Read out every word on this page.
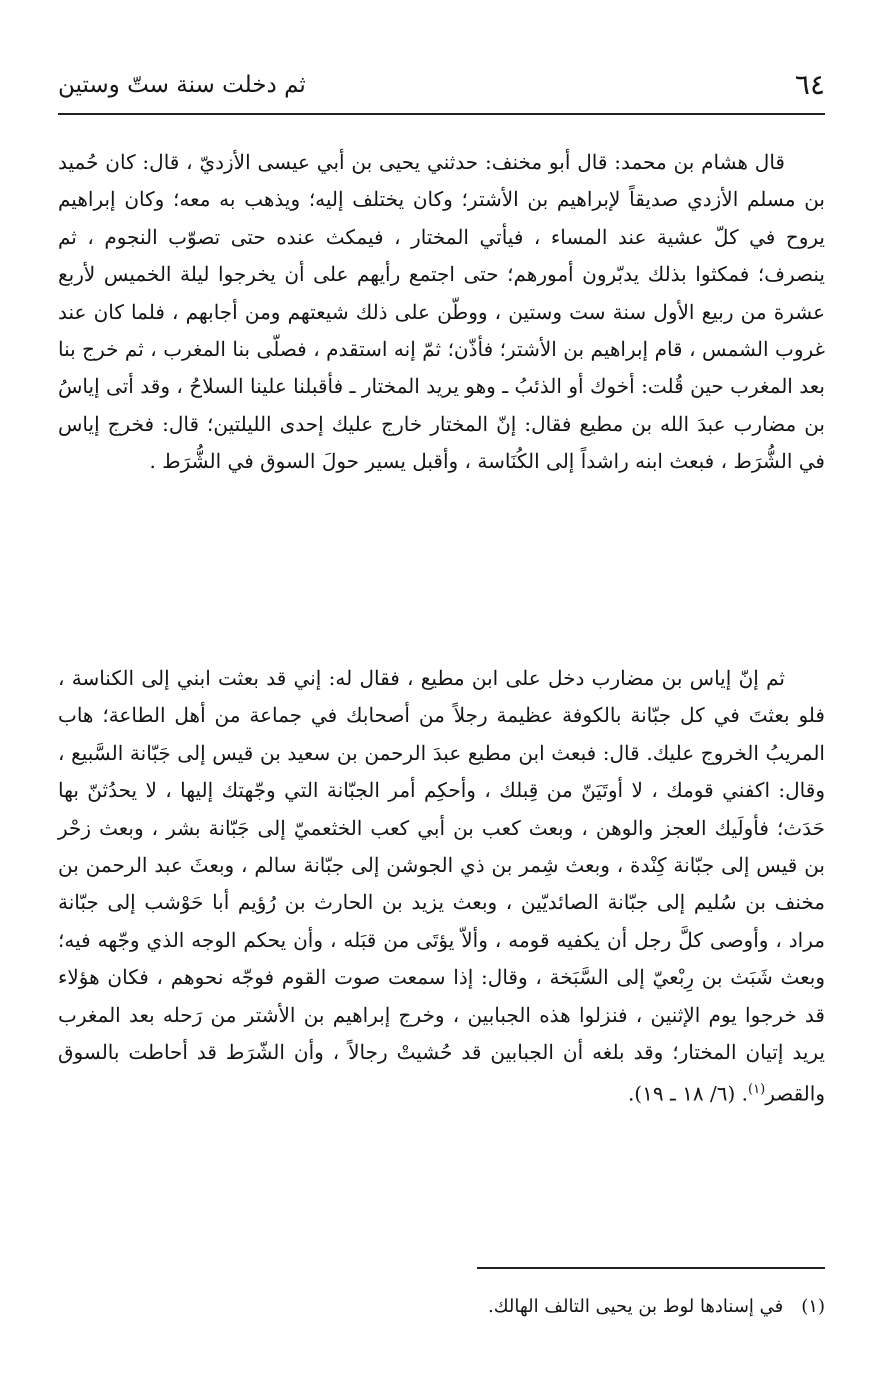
٦٤
ثم دخلت سنة ستّ وستين

قال هشام بن محمد: قال أبو مخنف: حدثني يحيى بن أبي عيسى الأزديّ ، قال: كان حُميد بن مسلم الأزدي صديقاً لإبراهيم بن الأشتر؛ وكان يختلف إليه؛ ويذهب به معه؛ وكان إبراهيم يروح في كلّ عشية عند المساء ، فيأتي المختار ، فيمكث عنده حتى تصوّب النجوم ، ثم ينصرف؛ فمكثوا بذلك يدبّرون أمورهم؛ حتى اجتمع رأيهم على أن يخرجوا ليلة الخميس لأربع عشرة من ربيع الأول سنة ست وستين ، ووطّن على ذلك شيعتهم ومن أجابهم ، فلما كان عند غروب الشمس ، قام إبراهيم بن الأشتر؛ فأذّن؛ ثمّ إنه استقدم ، فصلّى بنا المغرب ، ثم خرج بنا بعد المغرب حين قُلت: أخوك أو الذئبُ ـ وهو يريد المختار ـ فأقبلنا علينا السلاحُ ، وقد أتى إياسُ بن مضارب عبدَ الله بن مطيع فقال: إنّ المختار خارج عليك إحدى الليلتين؛ قال: فخرج إياس في الشُّرَط ، فبعث ابنه راشداً إلى الكُنَاسة ، وأقبل يسير حولَ السوق في الشُّرَط .

ثم إنّ إياس بن مضارب دخل على ابن مطيع ، فقال له: إني قد بعثت ابني إلى الكناسة ، فلو بعثتَ في كل جبّانة بالكوفة عظيمة رجلاً من أصحابك في جماعة من أهل الطاعة؛ هاب المريبُ الخروج عليك. قال: فبعث ابن مطيع عبدَ الرحمن بن سعيد بن قيس إلى جَبّانة السَّبيع ، وقال: اكفني قومك ، لا أوتَيَنّ من قِبلك ، وأحكِم أمر الجبّانة التي وجّهتك إليها ، لا يحدُثنّ بها حَدَث؛ فأولَيك العجز والوهن ، وبعث كعب بن أبي كعب الخثعميّ إلى جَبّانة بشر ، وبعث زحْر بن قيس إلى جبّانة كِنْدة ، وبعث شِمر بن ذي الجوشن إلى جبّانة سالم ، وبعثَ عبد الرحمن بن مخنف بن سُليم إلى جبّانة الصائديّين ، وبعث يزيد بن الحارث بن رُؤيم أبا حَوْشب إلى جبّانة مراد ، وأوصى كلَّ رجل أن يكفيه قومه ، وألاّ يؤتَى من قبَله ، وأن يحكم الوجه الذي وجّهه فيه؛ وبعث شَبَث بن رِبْعيّ إلى السَّبَخة ، وقال: إذا سمعت صوت القوم فوجّه نحوهم ، فكان هؤلاء قد خرجوا يوم الإثنين ، فنزلوا هذه الجبابين ، وخرج إبراهيم بن الأشتر من رَحله بعد المغرب يريد إتيان المختار؛ وقد بلغه أن الجبابين قد حُشيتْ رجالاً ، وأن الشّرَط قد أحاطت بالسوق والقصر$^{(١)}$. (٦/ ١٨ ـ ١٩).

(١)
في إسنادها لوط بن يحيى التالف الهالك.
